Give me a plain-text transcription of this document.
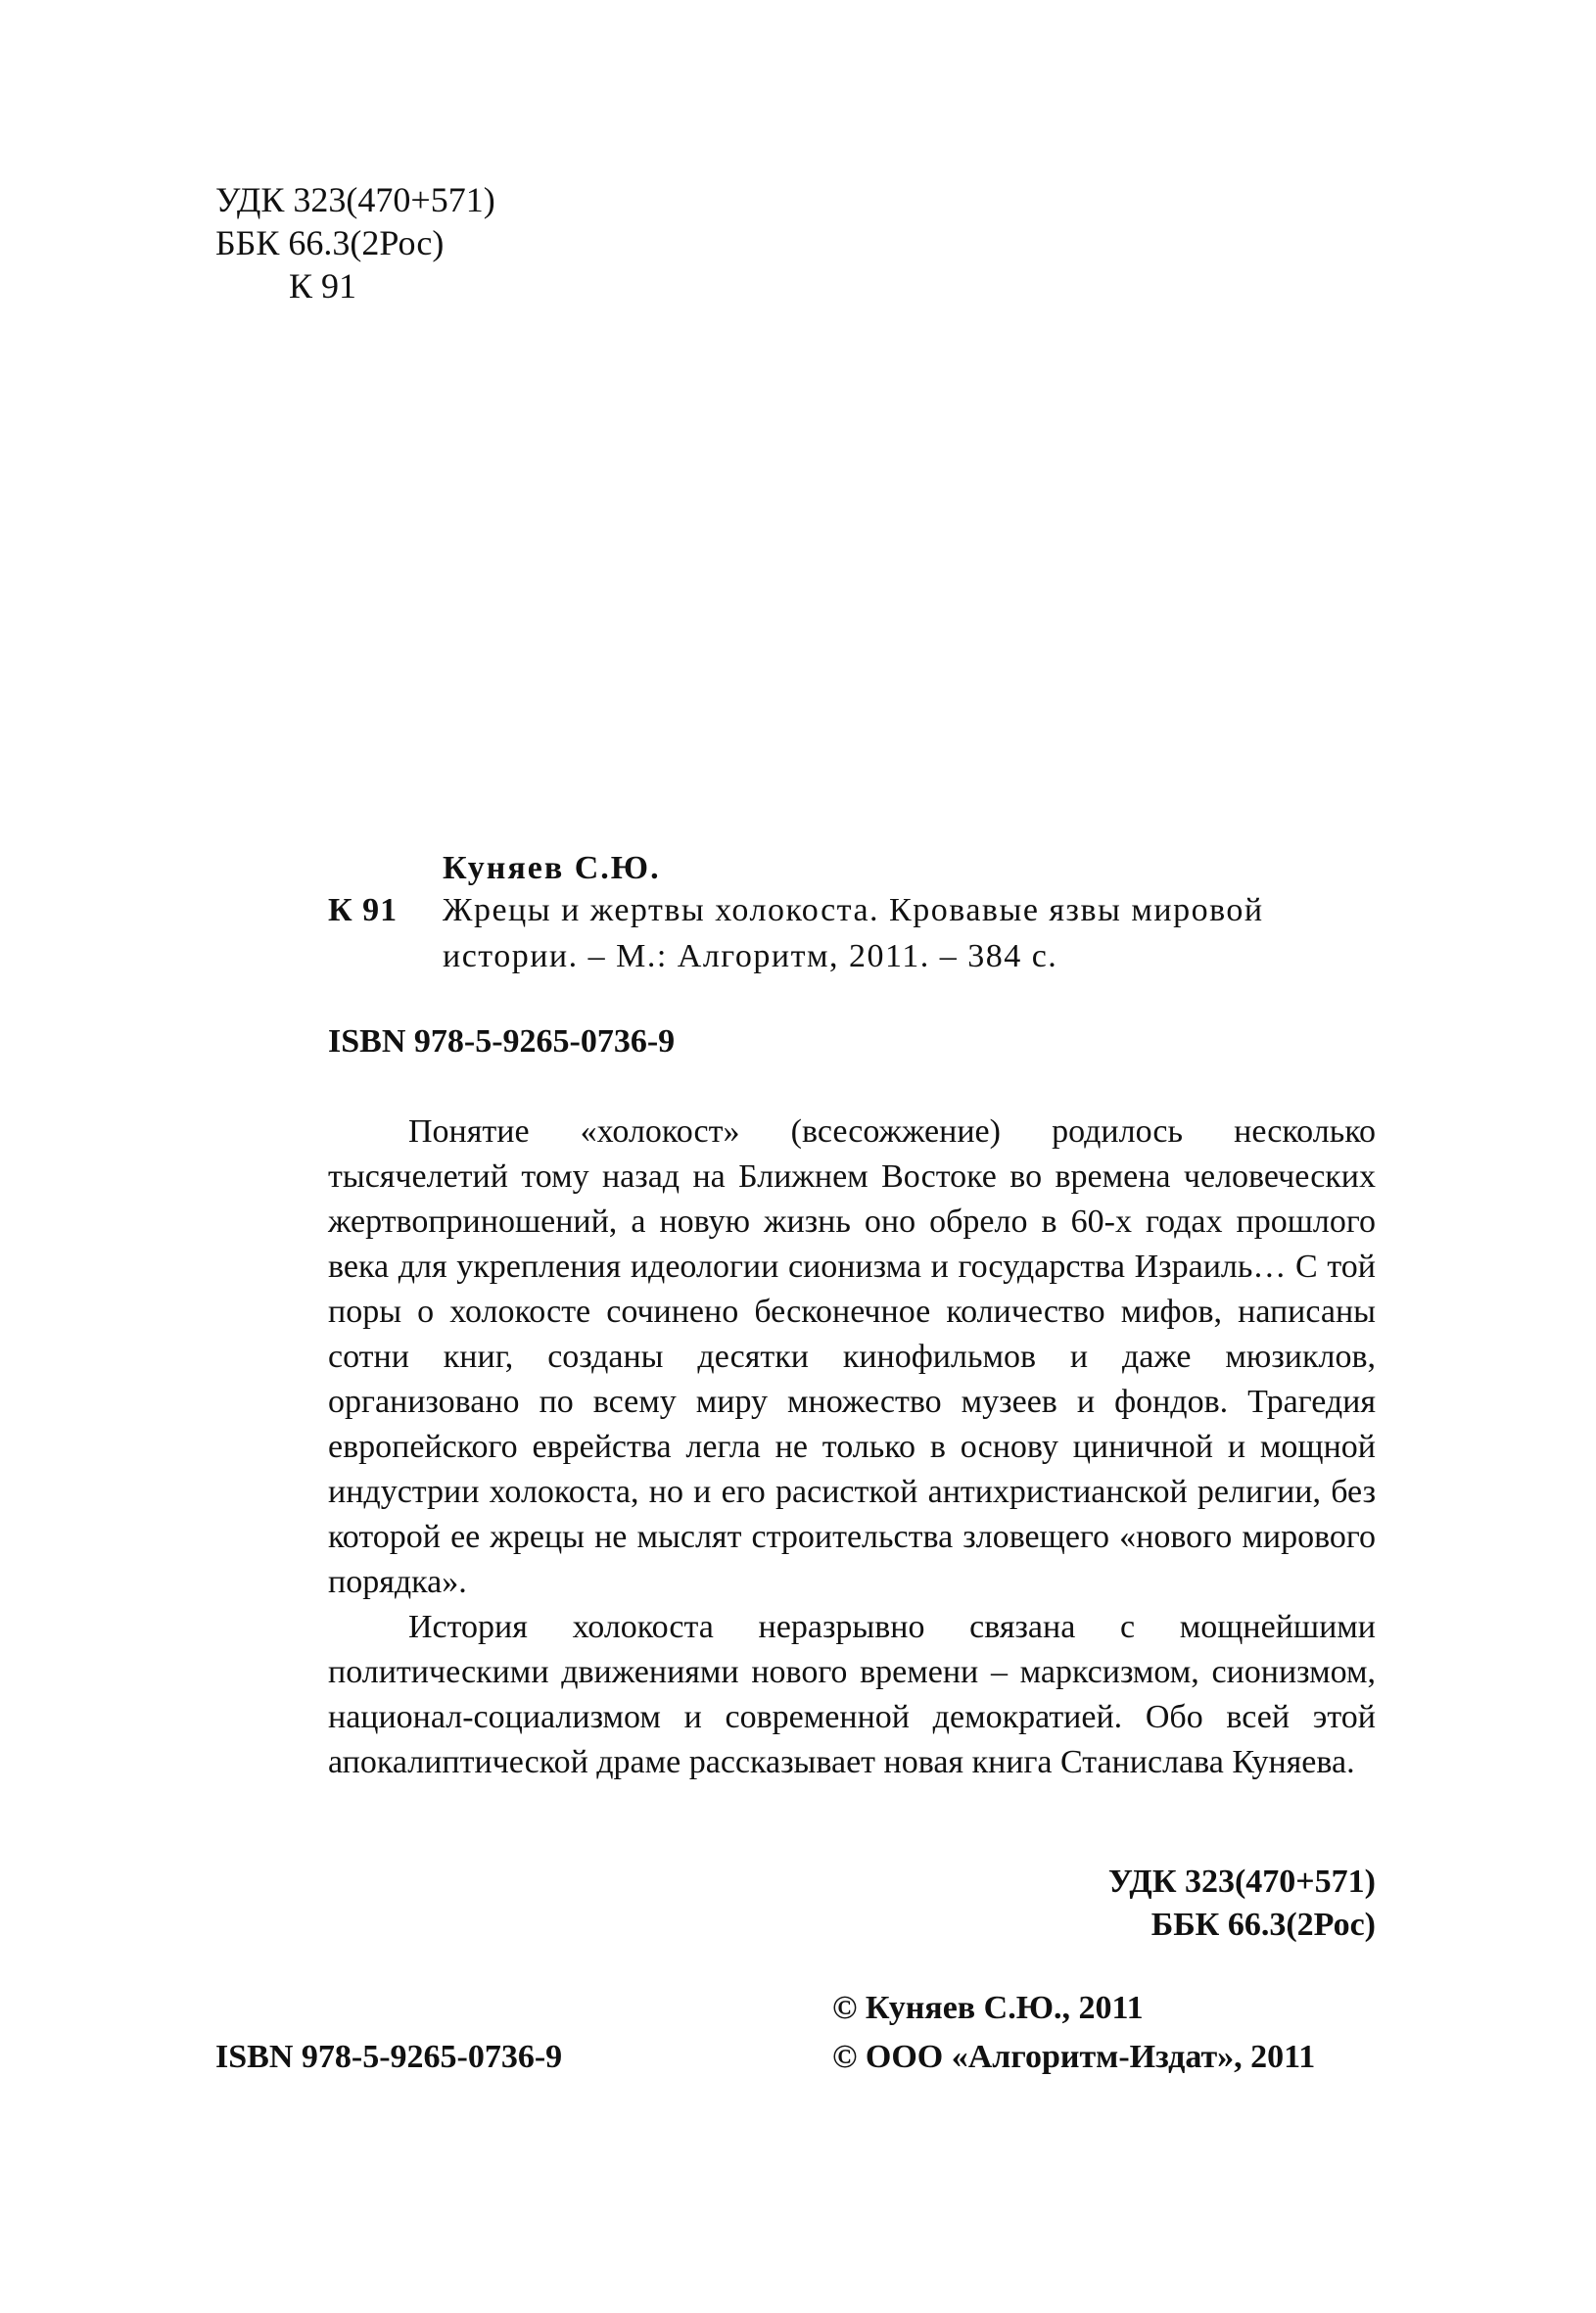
УДК 323(470+571)
ББК 66.3(2Рос)
К 91
Куняев С.Ю.
К 91 Жрецы и жертвы холокоста. Кровавые язвы мировой
истории. – М.: Алгоритм, 2011. – 384 с.
ISBN 978-5-9265-0736-9

Понятие «холокост» (всесожжение) родилось несколько тысячелетий тому назад на Ближнем Востоке во времена человеческих жертвоприношений, а новую жизнь оно обрело в 60-х годах прошлого века для укрепления идеологии сионизма и государства Израиль… С той поры о холокосте сочинено бесконечное количество мифов, написаны сотни книг, созданы десятки кинофильмов и даже мюзиклов, организовано по всему миру множество музеев и фондов. Трагедия европейского еврейства легла не только в основу циничной и мощной индустрии холокоста, но и его расисткой антихристианской религии, без которой ее жрецы не мыслят строительства зловещего «нового мирового порядка».

История холокоста неразрывно связана с мощнейшими политическими движениями нового времени – марксизмом, сионизмом, национал-социализмом и современной демократией. Обо всей этой апокалиптической драме рассказывает новая книга Станислава Куняева.

УДК 323(470+571)
ББК 66.3(2Рос)
© Куняев С.Ю., 2011
ISBN 978-5-9265-0736-9	© ООО «Алгоритм-Издат», 2011
